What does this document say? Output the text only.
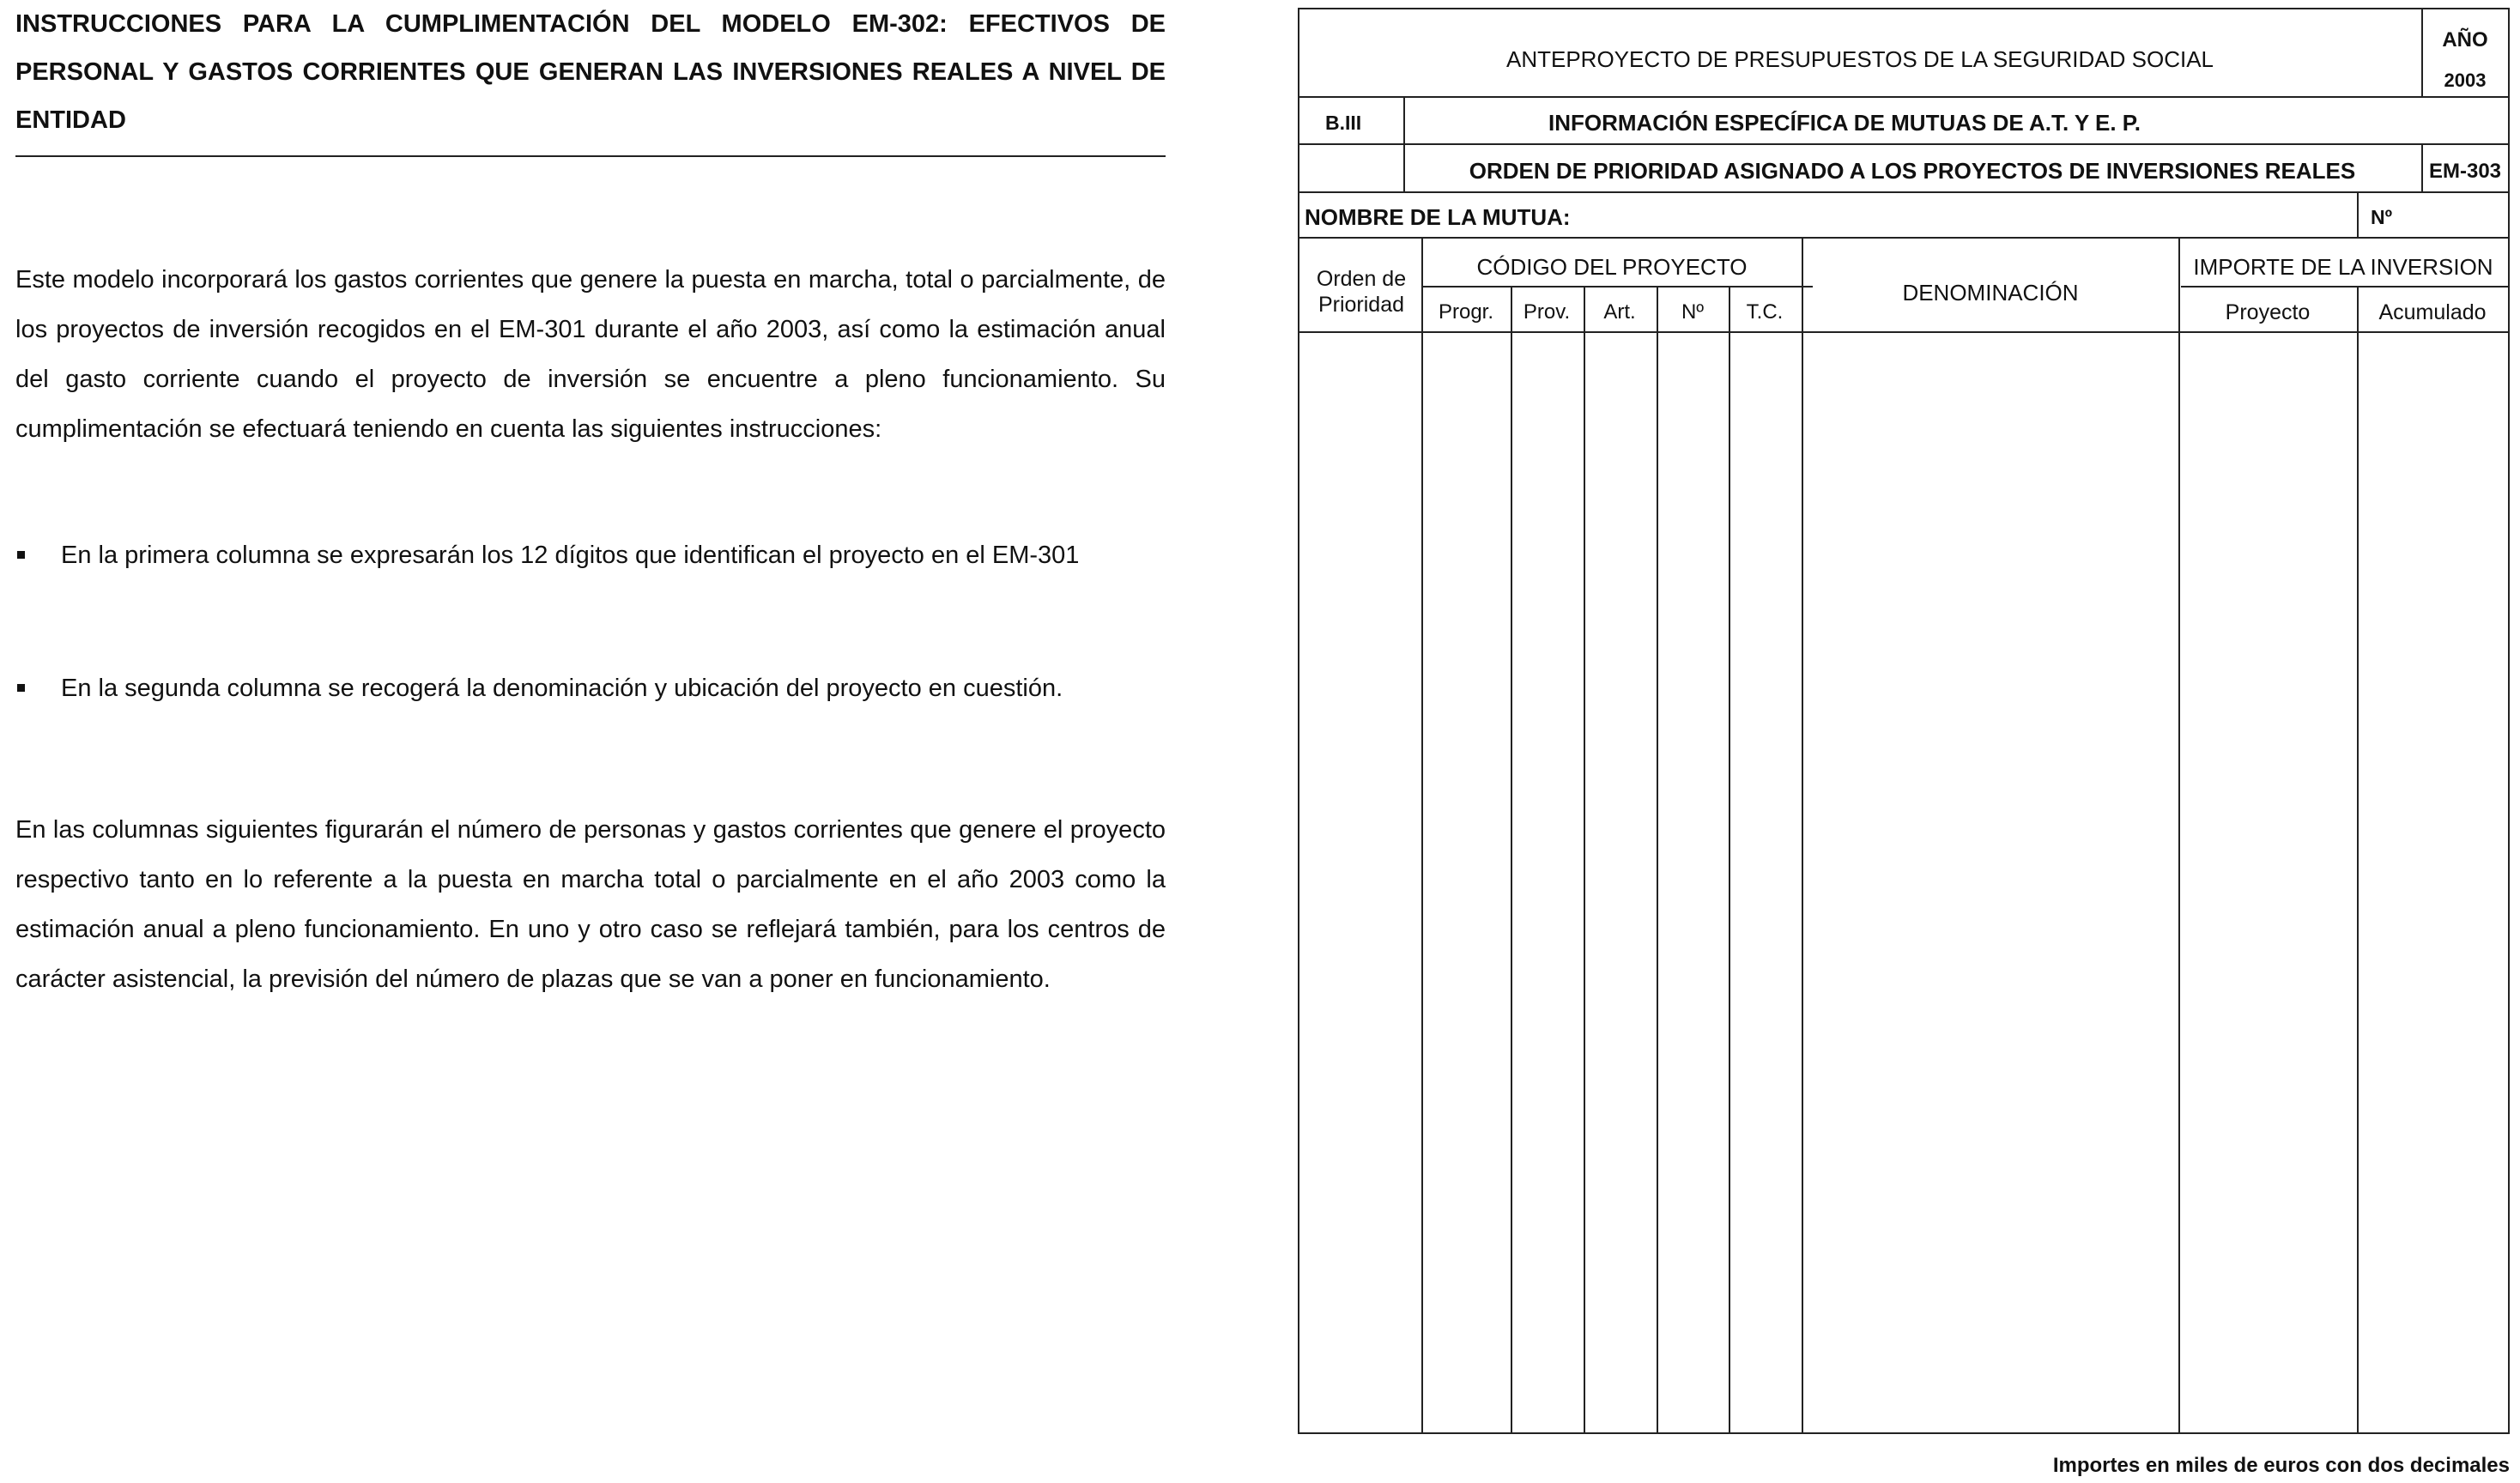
INSTRUCCIONES PARA LA CUMPLIMENTACIÓN DEL MODELO EM-302: EFECTIVOS DE PERSONAL Y GASTOS CORRIENTES QUE GENERAN LAS INVERSIONES REALES A NIVEL DE ENTIDAD
Este modelo incorporará los gastos corrientes que genere la puesta en marcha, total o parcialmente, de los proyectos de inversión recogidos en el EM-301 durante el año 2003, así como la estimación anual del gasto corriente cuando el proyecto de inversión se encuentre a pleno funcionamiento. Su cumplimentación se efectuará teniendo en cuenta las siguientes instrucciones:
En la primera columna se expresarán los 12 dígitos que identifican el proyecto en el EM-301
En la segunda columna se recogerá la denominación y ubicación del proyecto en cuestión.
En las columnas siguientes figurarán el número de personas y gastos corrientes que genere el proyecto respectivo tanto en lo referente a la puesta en marcha total o parcialmente en el año 2003 como la estimación anual a pleno funcionamiento. En uno y otro caso se reflejará también, para los centros de carácter asistencial, la previsión del número de plazas que se van a poner en funcionamiento.
ANTEPROYECTO DE PRESUPUESTOS DE LA SEGURIDAD SOCIAL
AÑO
2003
B.III	INFORMACIÓN ESPECÍFICA DE MUTUAS DE A.T. Y E. P.
ORDEN DE PRIORIDAD ASIGNADO A LOS PROYECTOS DE INVERSIONES REALES	EM-303
NOMBRE DE LA MUTUA:	Nº
Orden de
Prioridad
CÓDIGO DEL PROYECTO
Progr. Prov. Art. Nº T.C.
DENOMINACIÓN
IMPORTE DE LA INVERSION
Proyecto	Acumulado
Importes en miles de euros con dos decimales
